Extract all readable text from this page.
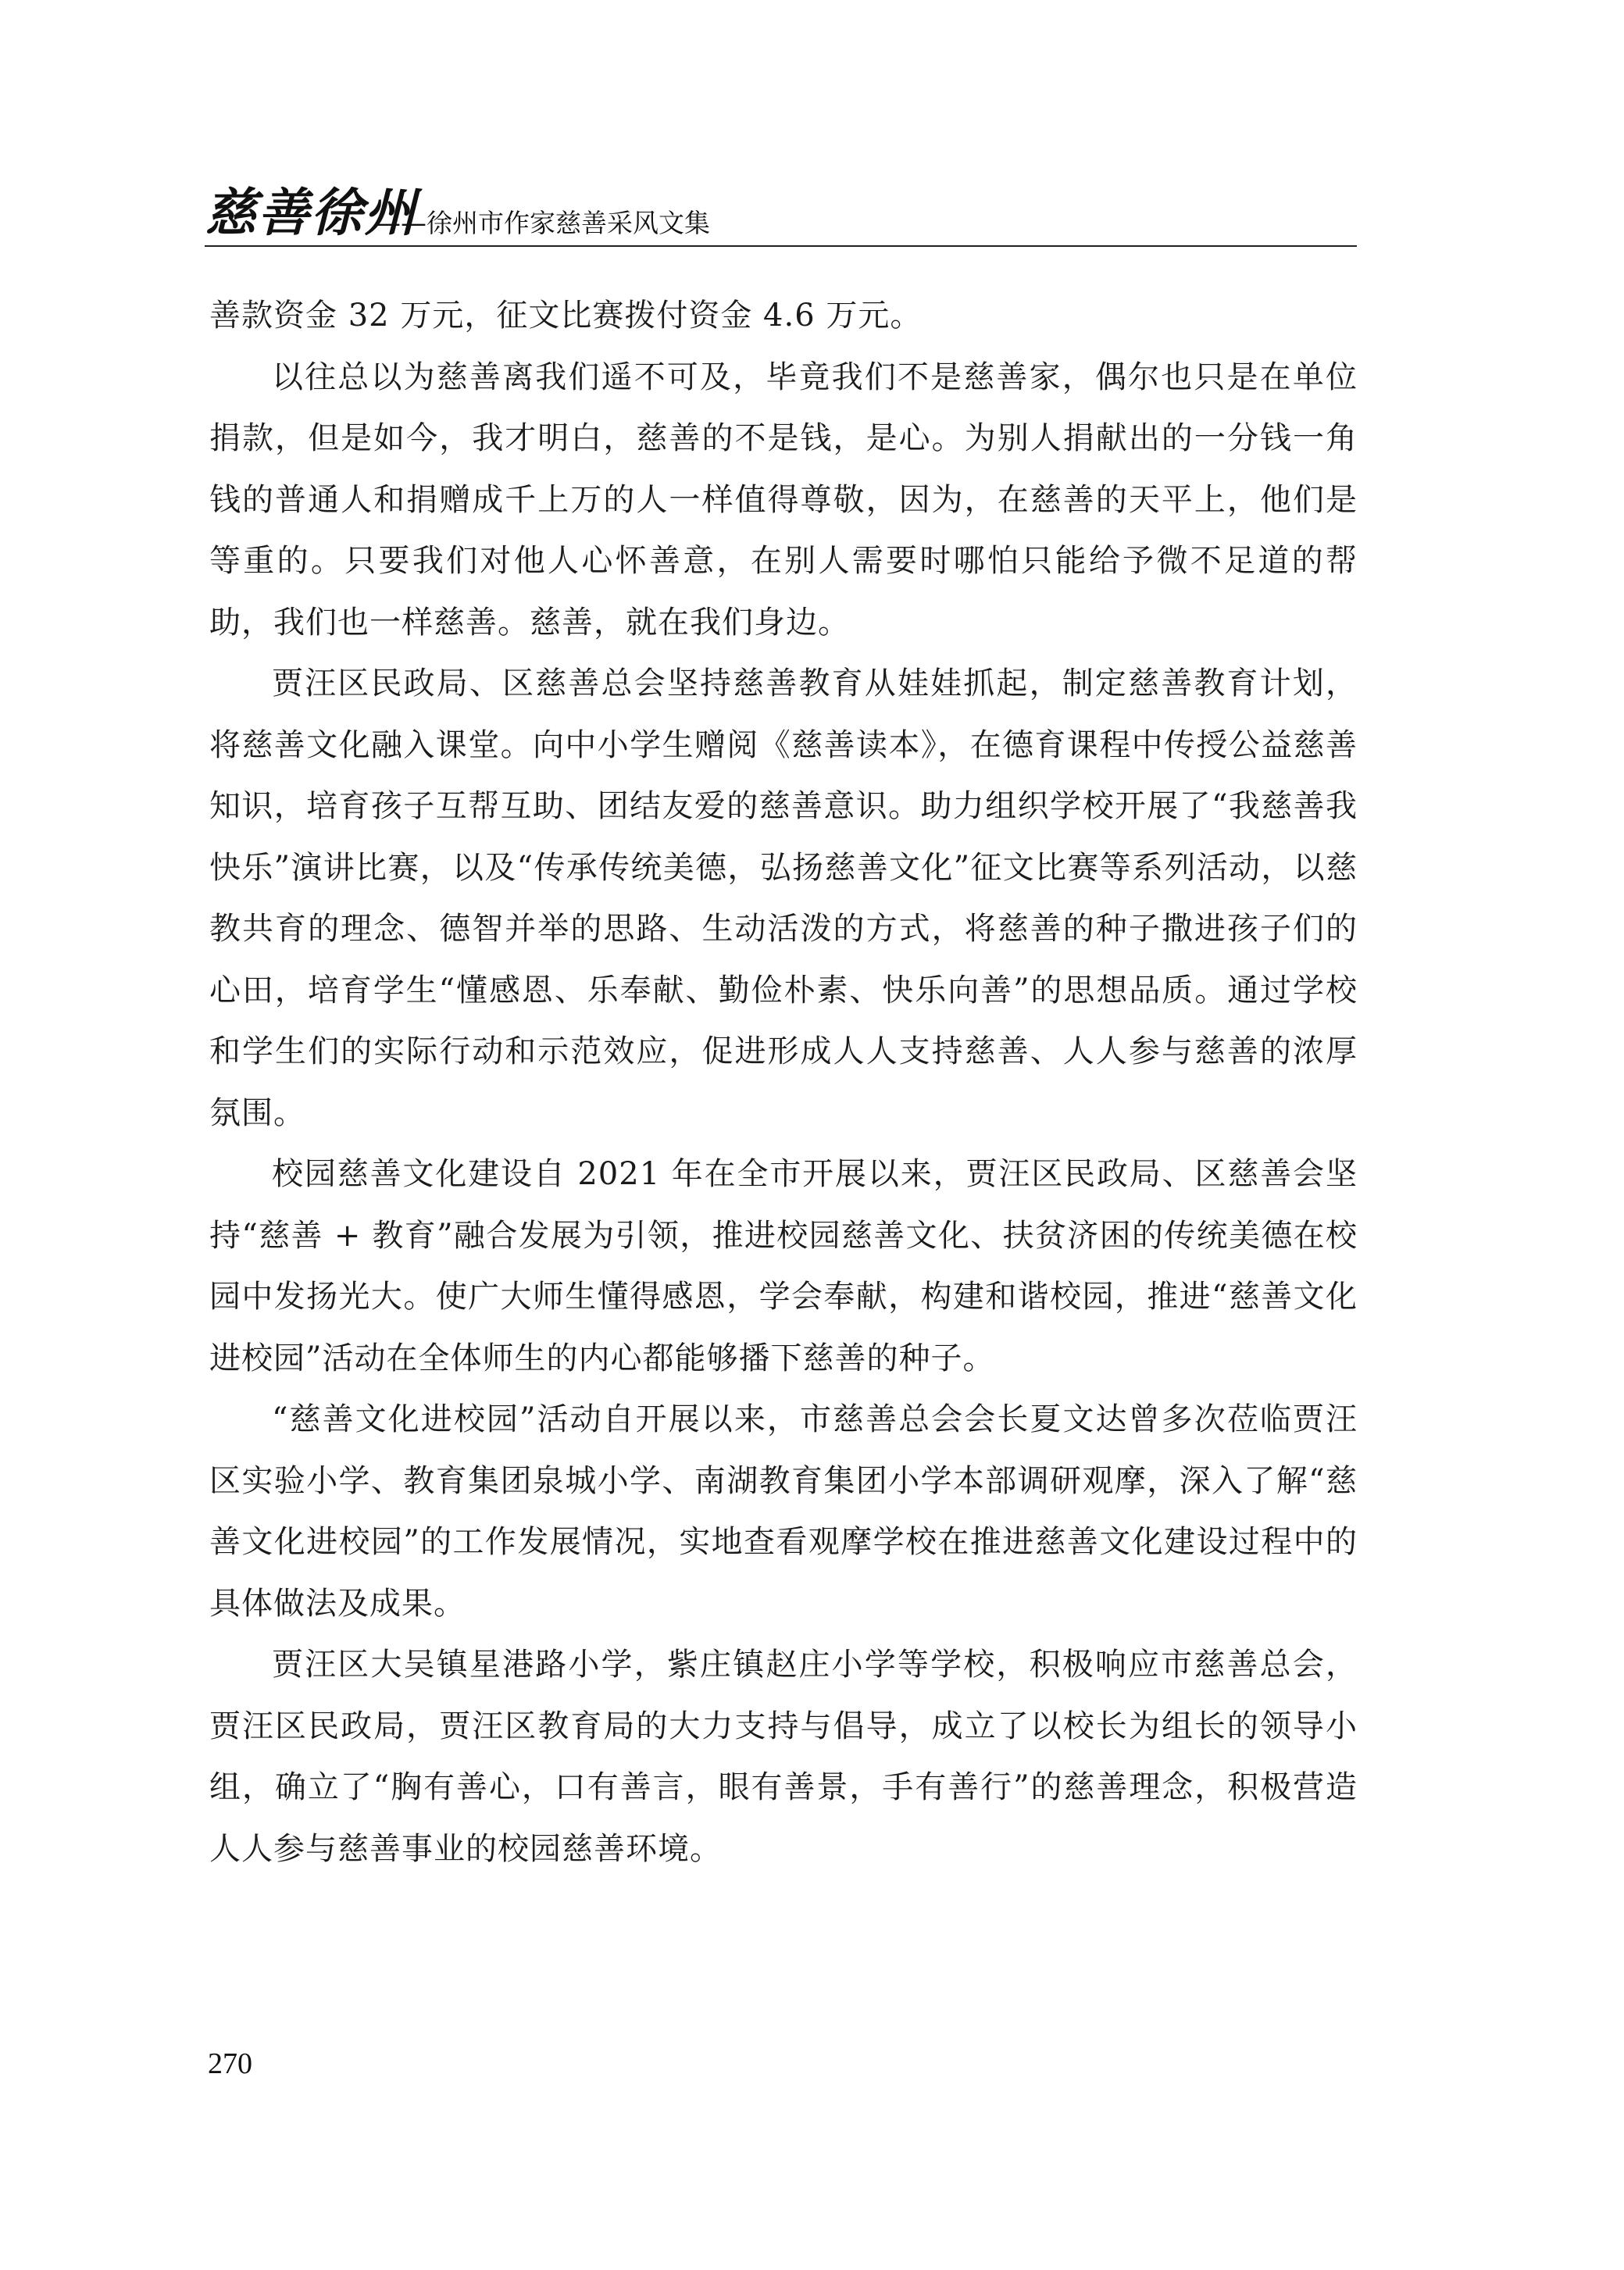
慈善徐州
——徐州市作家慈善采风文集

善款资金 32 万元，征文比赛拨付资金 4.6 万元。

以往总以为慈善离我们遥不可及，毕竟我们不是慈善家，偶尔也只是在单位捐款，但是如今，我才明白，慈善的不是钱，是心。为别人捐献出的一分钱一角钱的普通人和捐赠成千上万的人一样值得尊敬，因为，在慈善的天平上，他们是等重的。只要我们对他人心怀善意，在别人需要时哪怕只能给予微不足道的帮助，我们也一样慈善。慈善，就在我们身边。

贾汪区民政局、区慈善总会坚持慈善教育从娃娃抓起，制定慈善教育计划，将慈善文化融入课堂。向中小学生赠阅《慈善读本》，在德育课程中传授公益慈善知识，培育孩子互帮互助、团结友爱的慈善意识。助力组织学校开展了“我慈善我快乐”演讲比赛，以及“传承传统美德，弘扬慈善文化”征文比赛等系列活动，以慈教共育的理念、德智并举的思路、生动活泼的方式，将慈善的种子撒进孩子们的心田，培育学生“懂感恩、乐奉献、勤俭朴素、快乐向善”的思想品质。通过学校和学生们的实际行动和示范效应，促进形成人人支持慈善、人人参与慈善的浓厚氛围。

校园慈善文化建设自 2021 年在全市开展以来，贾汪区民政局、区慈善会坚持“慈善 + 教育”融合发展为引领，推进校园慈善文化、扶贫济困的传统美德在校园中发扬光大。使广大师生懂得感恩，学会奉献，构建和谐校园，推进“慈善文化进校园”活动在全体师生的内心都能够播下慈善的种子。

“慈善文化进校园”活动自开展以来，市慈善总会会长夏文达曾多次莅临贾汪区实验小学、教育集团泉城小学、南湖教育集团小学本部调研观摩，深入了解“慈善文化进校园”的工作发展情况，实地查看观摩学校在推进慈善文化建设过程中的具体做法及成果。

贾汪区大吴镇星港路小学，紫庄镇赵庄小学等学校，积极响应市慈善总会，贾汪区民政局，贾汪区教育局的大力支持与倡导，成立了以校长为组长的领导小组，确立了“胸有善心，口有善言，眼有善景，手有善行”的慈善理念，积极营造人人参与慈善事业的校园慈善环境。

270
